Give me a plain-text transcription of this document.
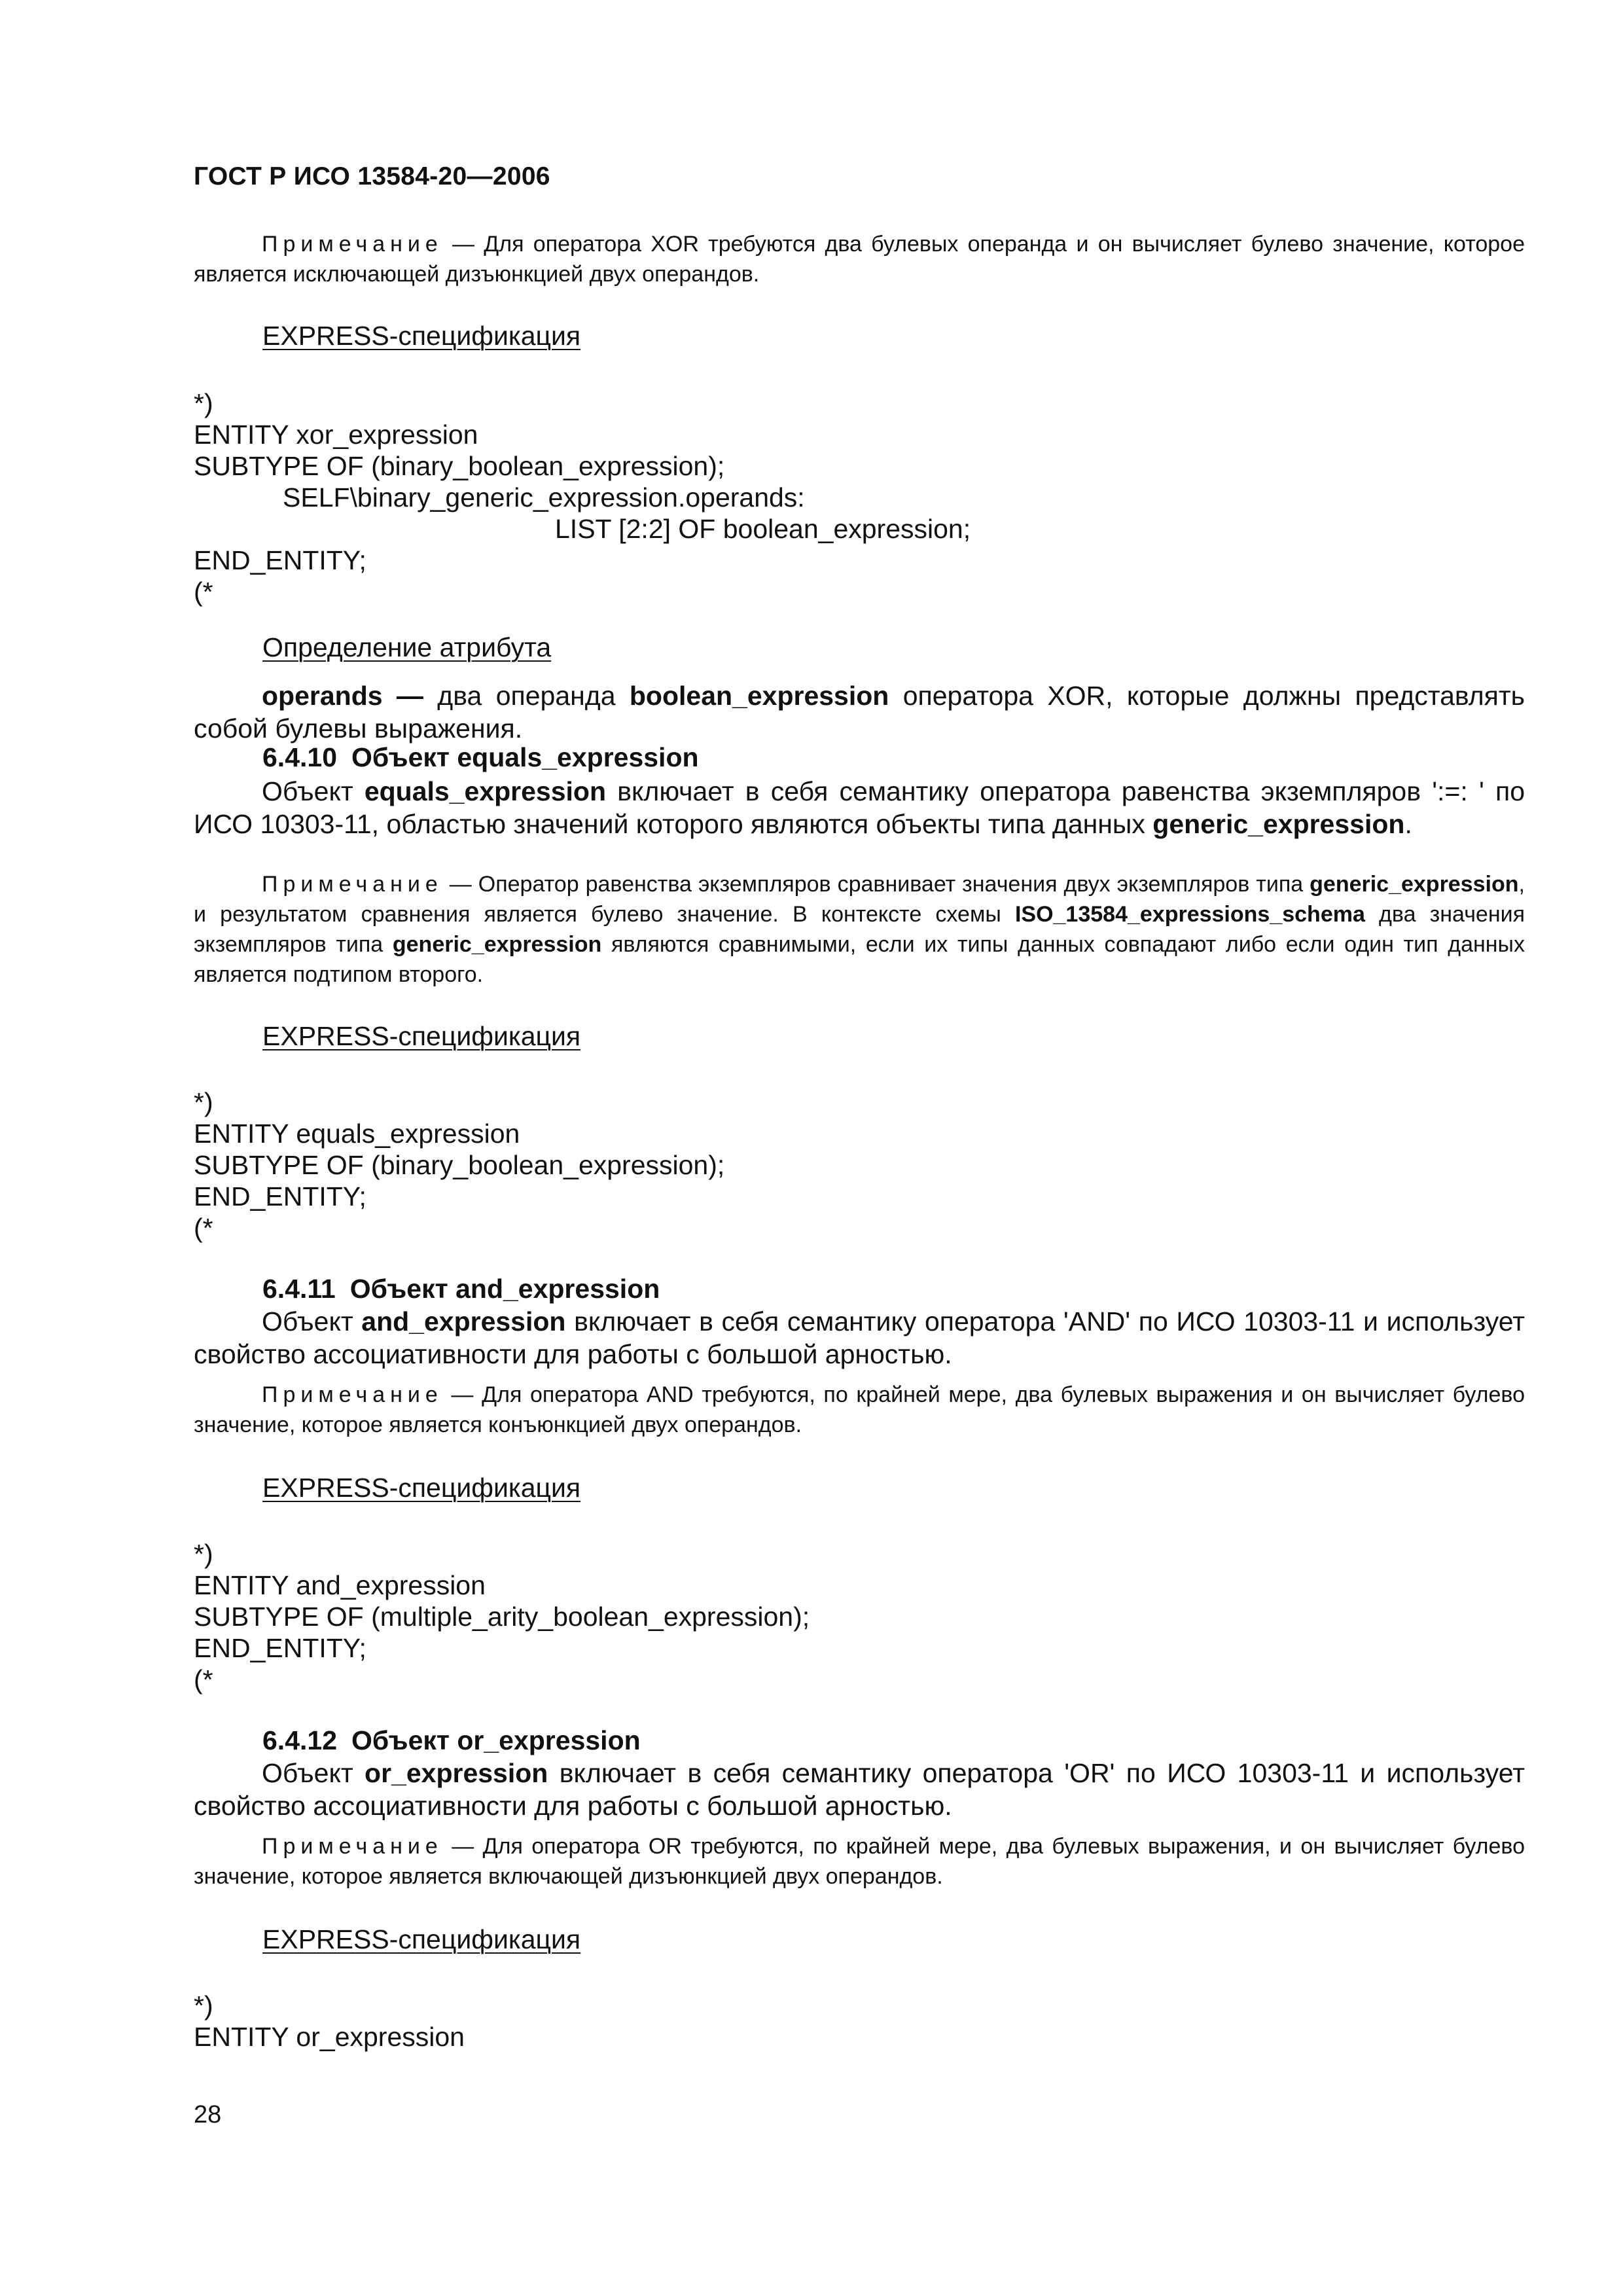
ГОСТ Р ИСО 13584-20—2006

Примечание — Для оператора XOR требуются два булевых операнда и он вычисляет булево значение, которое является исключающей дизъюнкцией двух операндов.

EXPRESS-спецификация
*)
ENTITY xor_expression
SUBTYPE OF (binary_boolean_expression);
SELF\binary_generic_expression.operands:
LIST [2:2] OF boolean_expression;
END_ENTITY;
(*
Определение атрибута

operands — два операнда boolean_expression оператора XOR, которые должны представлять собой булевы выражения.

6.4.10 Объект equals_expression

Объект equals_expression включает в себя семантику оператора равенства экземпляров ':=: ' по ИСО 10303-11, областью значений которого являются объекты типа данных generic_expression.

Примечание — Оператор равенства экземпляров сравнивает значения двух экземпляров типа generic_expression, и результатом сравнения является булево значение. В контексте схемы ISO_13584_expressions_schema два значения экземпляров типа generic_expression являются сравнимыми, если их типы данных совпадают либо если один тип данных является подтипом второго.

EXPRESS-спецификация
*)
ENTITY equals_expression
SUBTYPE OF (binary_boolean_expression);
END_ENTITY;
(*
6.4.11 Объект and_expression

Объект and_expression включает в себя семантику оператора 'AND' по ИСО 10303-11 и использует свойство ассоциативности для работы с большой арностью.

Примечание — Для оператора AND требуются, по крайней мере, два булевых выражения и он вычисляет булево значение, которое является конъюнкцией двух операндов.

EXPRESS-спецификация
*)
ENTITY and_expression
SUBTYPE OF (multiple_arity_boolean_expression);
END_ENTITY;
(*
6.4.12 Объект or_expression

Объект or_expression включает в себя семантику оператора 'OR' по ИСО 10303-11 и использует свойство ассоциативности для работы с большой арностью.

Примечание — Для оператора OR требуются, по крайней мере, два булевых выражения, и он вычисляет булево значение, которое является включающей дизъюнкцией двух операндов.

EXPRESS-спецификация
*)
ENTITY or_expression
28
